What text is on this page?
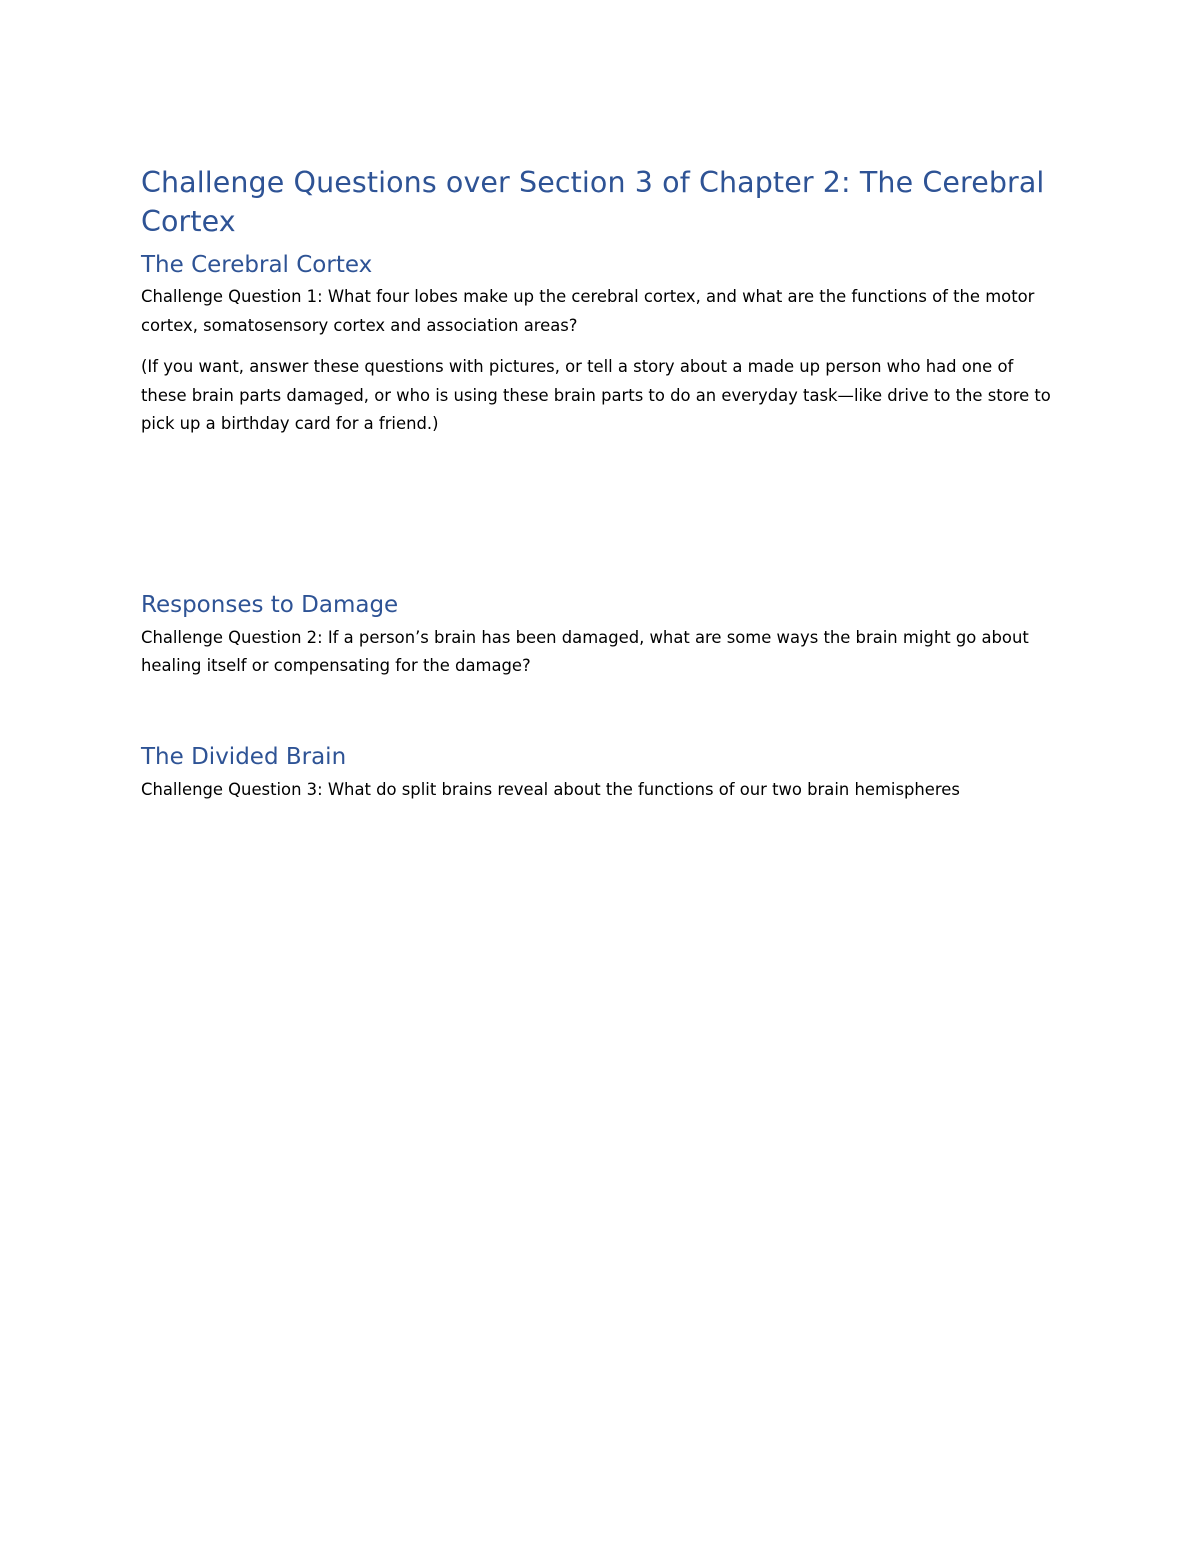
Challenge Questions over Section 3 of Chapter 2: The Cerebral Cortex
The Cerebral Cortex

Challenge Question 1: What four lobes make up the cerebral cortex, and what are the functions of the motor cortex, somatosensory cortex and association areas?

(If you want, answer these questions with pictures, or tell a story about a made up person who had one of these brain parts damaged, or who is using these brain parts to do an everyday task—like drive to the store to pick up a birthday card for a friend.)

Responses to Damage

Challenge Question 2: If a person’s brain has been damaged, what are some ways the brain might go about healing itself or compensating for the damage?

The Divided Brain

Challenge Question 3: What do split brains reveal about the functions of our two brain hemispheres
